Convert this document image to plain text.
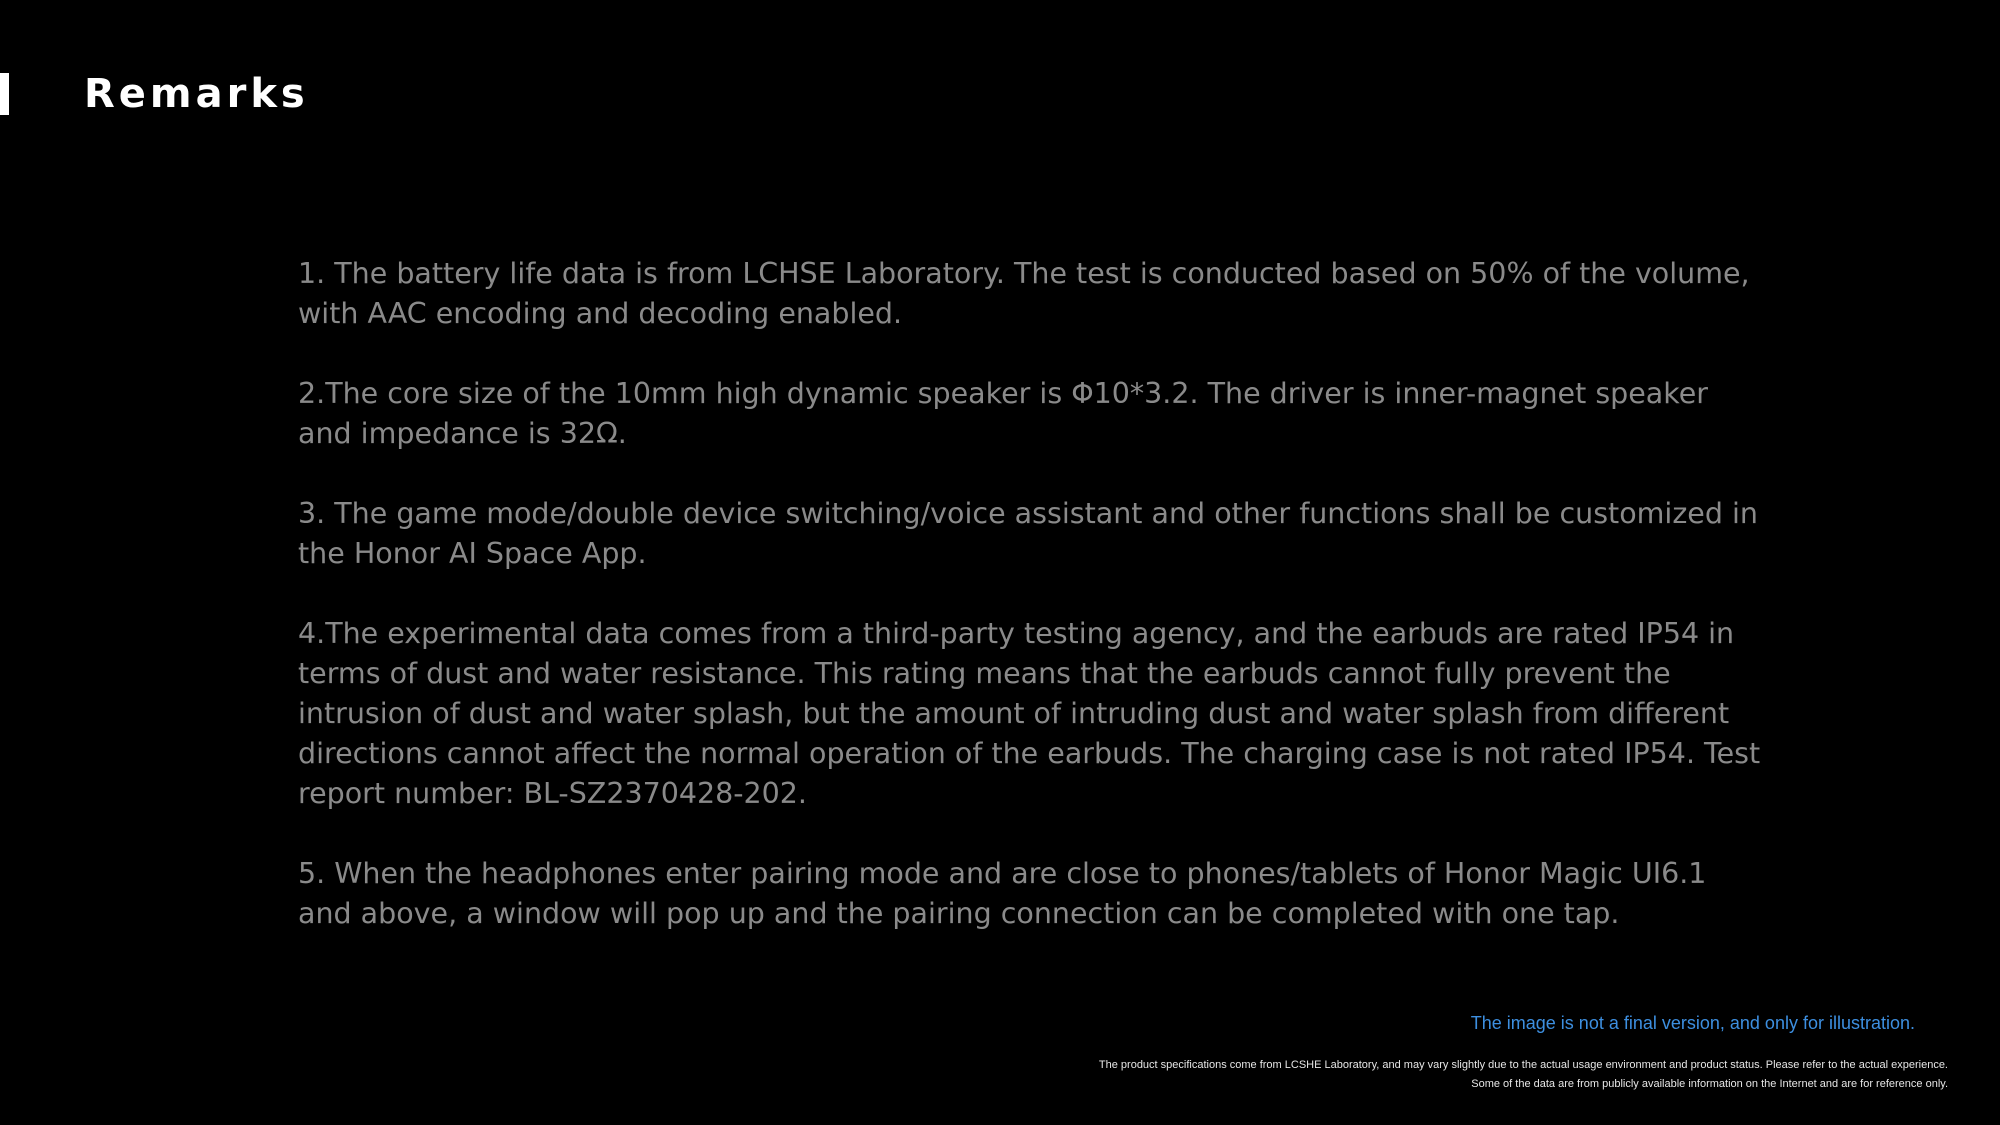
Remarks
1. The battery life data is from LCHSE Laboratory. The test is conducted based on 50% of the volume, with AAC encoding and decoding enabled.
2.The core size of the 10mm high dynamic speaker is Φ10*3.2. The driver is inner-magnet speaker and impedance is 32Ω.
3. The game mode/double device switching/voice assistant and other functions shall be customized in the Honor AI Space App.
4.The experimental data comes from a third-party testing agency, and the earbuds are rated IP54 in terms of dust and water resistance. This rating means that the earbuds cannot fully prevent the intrusion of dust and water splash, but the amount of intruding dust and water splash from different directions cannot affect the normal operation of the earbuds. The charging case is not rated IP54. Test report number: BL-SZ2370428-202.
5. When the headphones enter pairing mode and are close to phones/tablets of Honor Magic UI6.1 and above, a window will pop up and the pairing connection can be completed with one tap.

The image is not a final version, and only for illustration.

The product specifications come from LCSHE Laboratory, and may vary slightly due to the actual usage environment and product status. Please refer to the actual experience.

Some of the data are from publicly available information on the Internet and are for reference only.
